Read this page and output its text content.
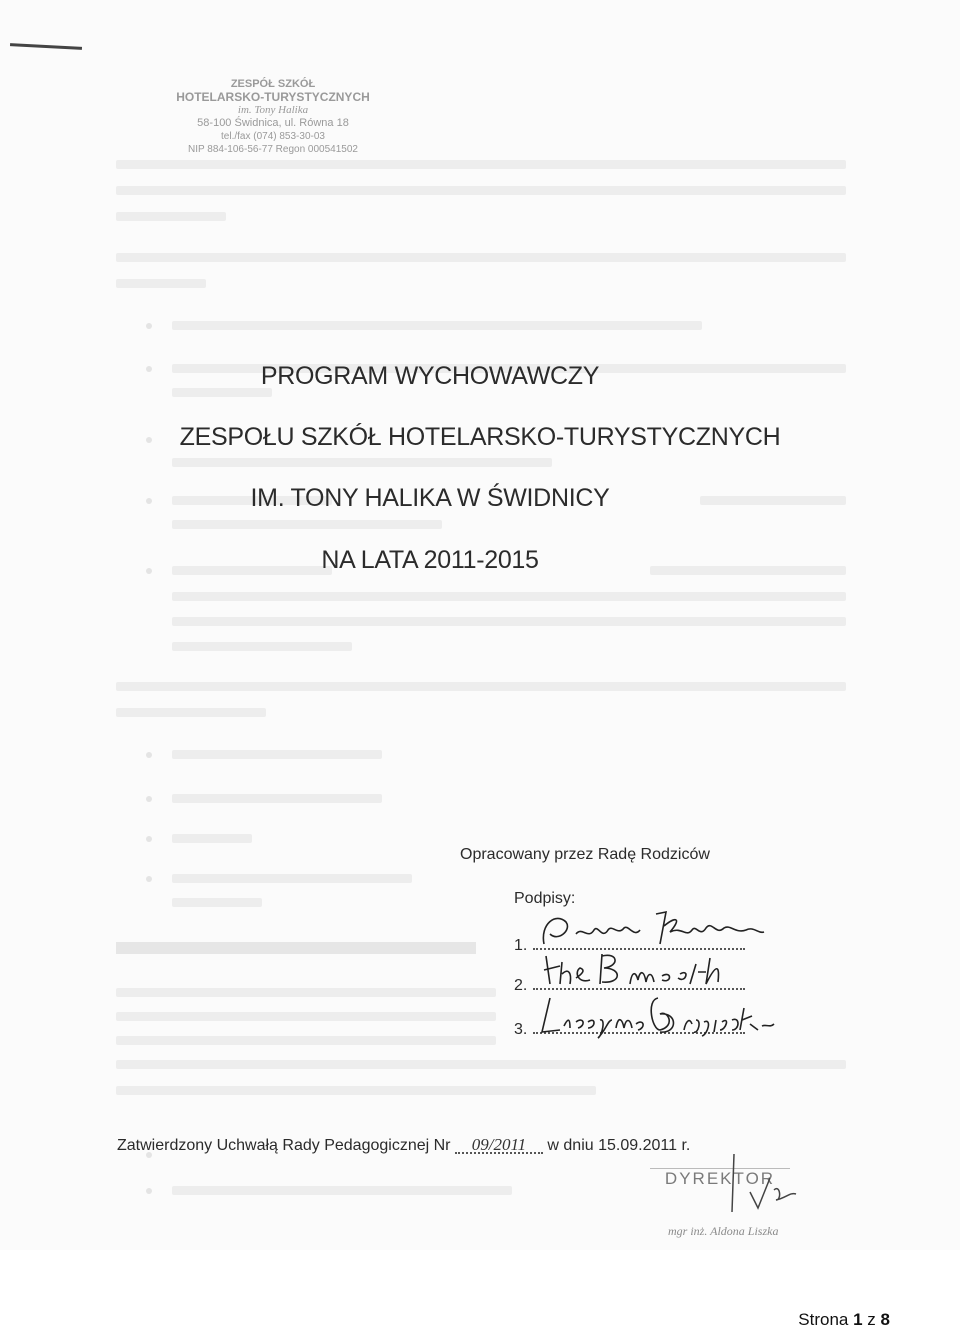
ZESPÓŁ SZKÓŁ
HOTELARSKO-TURYSTYCZNYCH
im. Tony Halika
58-100 Świdnica, ul. Równa 18
tel./fax (074) 853-30-03
NIP 884-106-56-77 Regon 000541502
PROGRAM WYCHOWAWCZY
ZESPOŁU SZKÓŁ HOTELARSKO-TURYSTYCZNYCH
IM. TONY HALIKA W ŚWIDNICY
NA LATA 2011-2015
Opracowany przez Radę Rodziców
Podpisy:
1.
2.
3.
Zatwierdzony Uchwałą Rady Pedagogicznej Nr 09/2011 w dniu 15.09.2011 r.
DYREKTOR
mgr inż. Aldona Liszka
Strona 1 z 8
